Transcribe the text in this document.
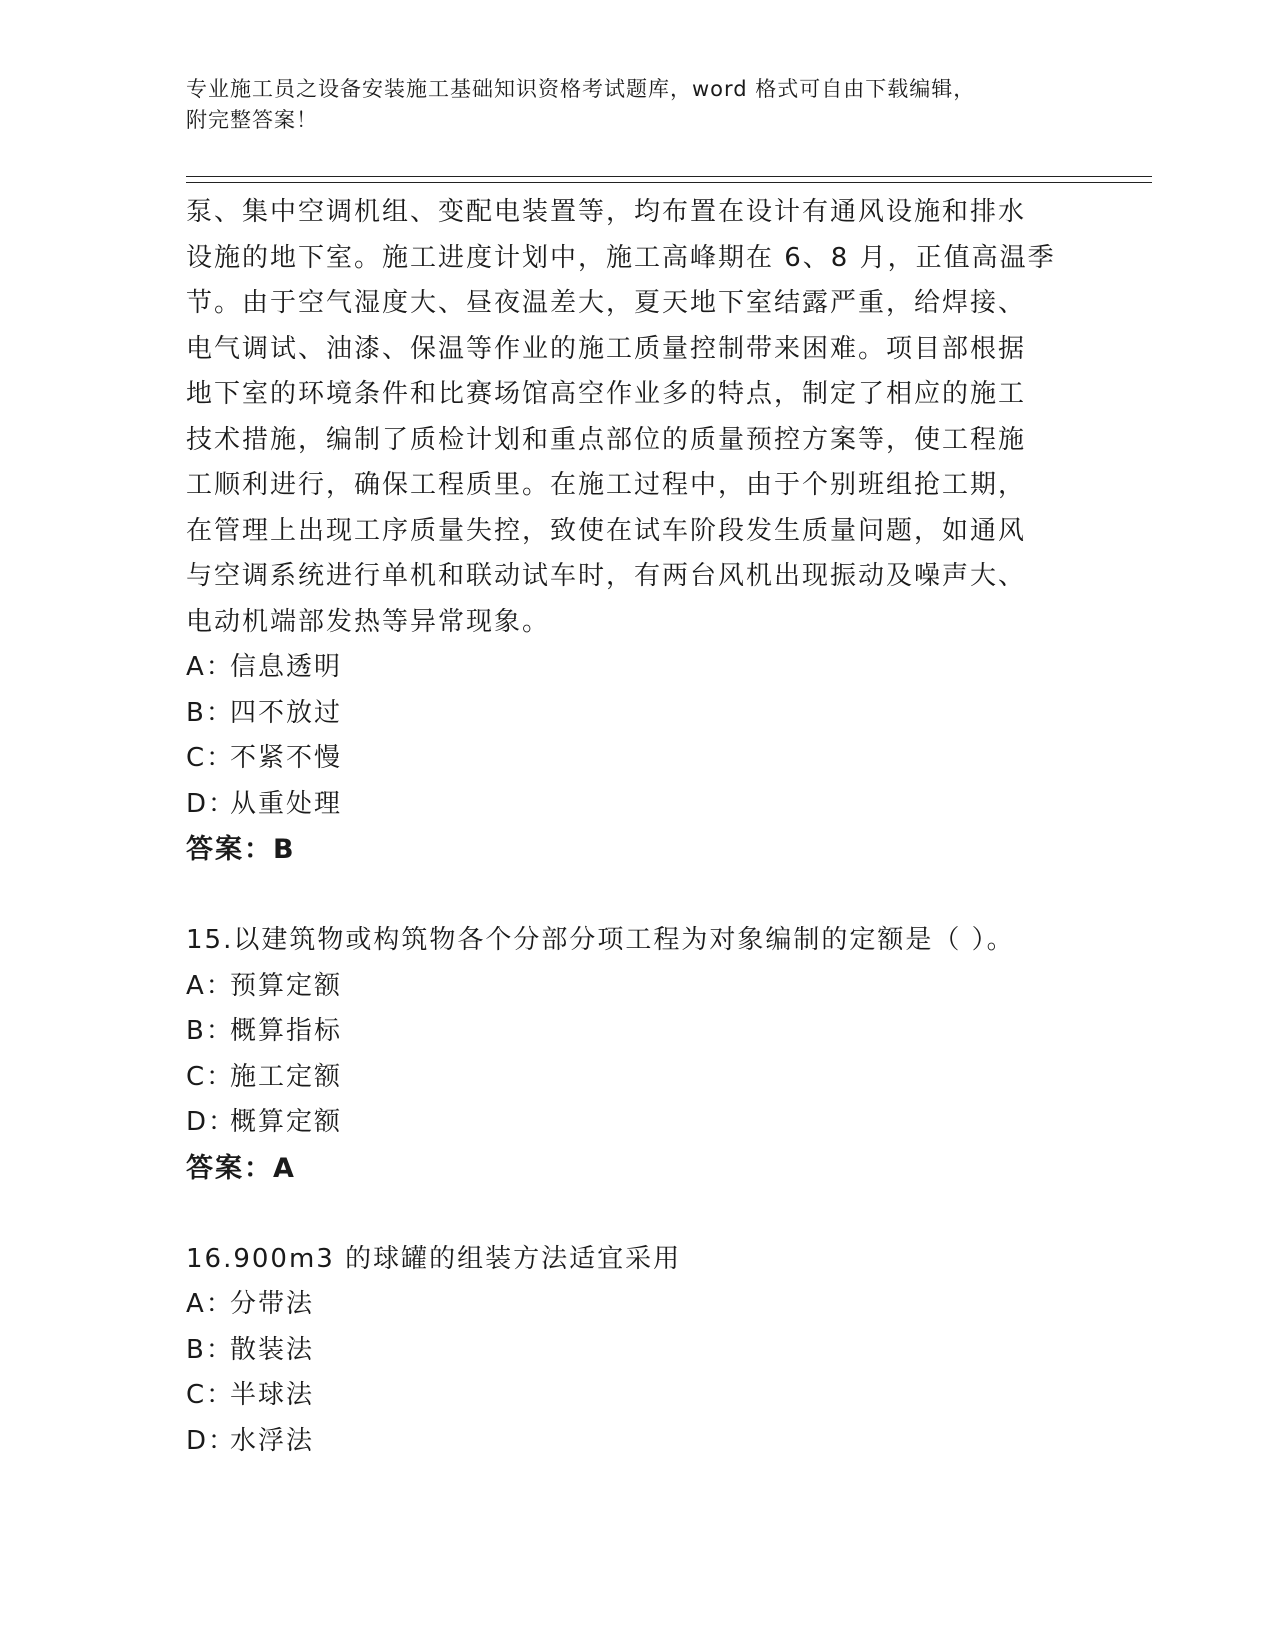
专业施工员之设备安装施工基础知识资格考试题库，word 格式可自由下载编辑，
附完整答案！
泵、集中空调机组、变配电装置等，均布置在设计有通风设施和排水
设施的地下室。施工进度计划中，施工高峰期在 6、8 月，正值高温季
节。由于空气湿度大、昼夜温差大，夏天地下室结露严重，给焊接、
电气调试、油漆、保温等作业的施工质量控制带来困难。项目部根据
地下室的环境条件和比赛场馆高空作业多的特点，制定了相应的施工
技术措施，编制了质检计划和重点部位的质量预控方案等，使工程施
工顺利进行，确保工程质里。在施工过程中，由于个别班组抢工期，
在管理上出现工序质量失控，致使在试车阶段发生质量问题，如通风
与空调系统进行单机和联动试车时，有两台风机出现振动及噪声大、
电动机端部发热等异常现象。
A：信息透明
B：四不放过
C：不紧不慢
D：从重处理
答案：B
15.以建筑物或构筑物各个分部分项工程为对象编制的定额是（ ）。
A：预算定额
B：概算指标
C：施工定额
D：概算定额
答案：A
16.900m3 的球罐的组装方法适宜采用
A：分带法
B：散装法
C：半球法
D：水浮法
